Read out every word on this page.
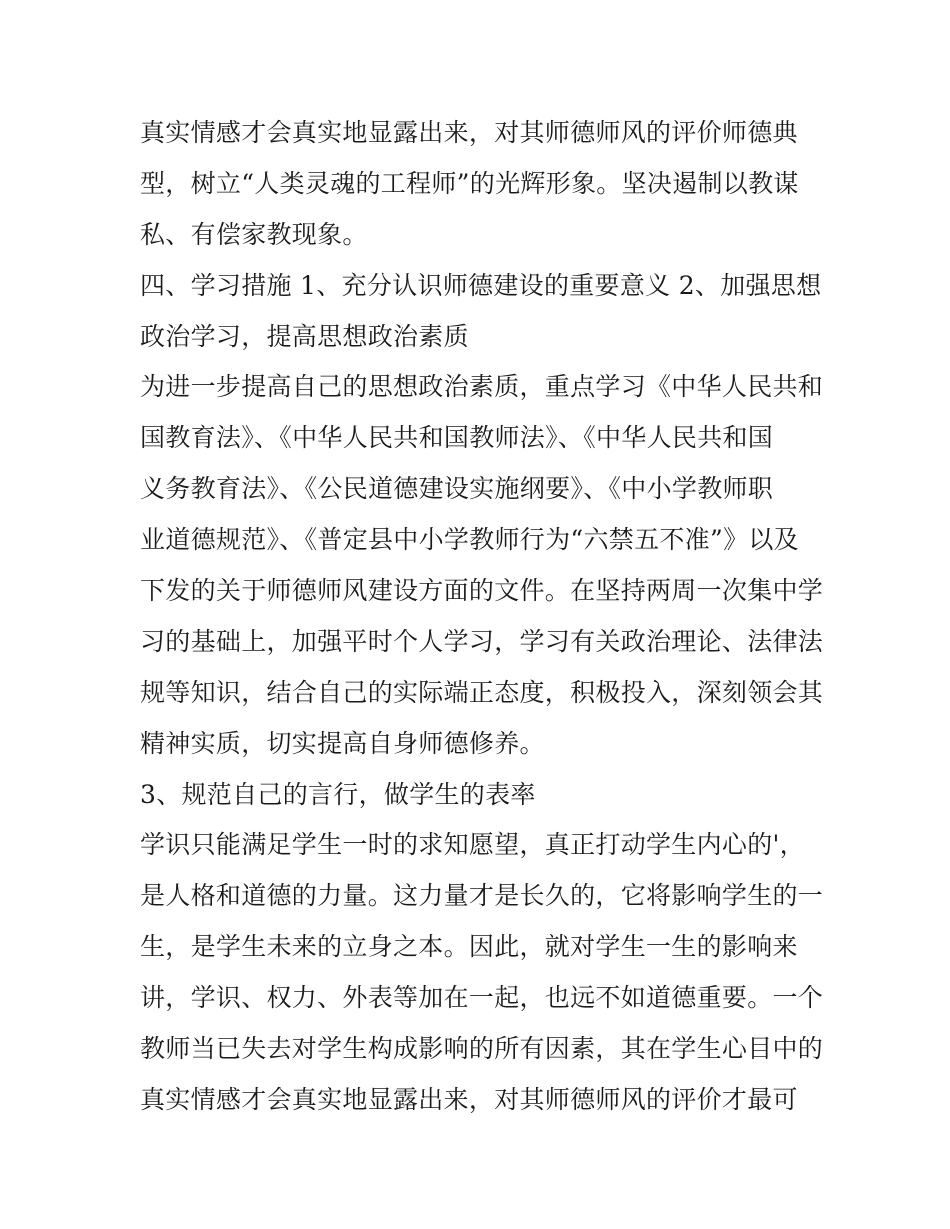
真实情感才会真实地显露出来，对其师德师风的评价师德典
型，树立“人类灵魂的工程师”的光辉形象。坚决遏制以教谋
私、有偿家教现象。
四、学习措施 1、充分认识师德建设的重要意义 2、加强思想
政治学习，提高思想政治素质
为进一步提高自己的思想政治素质，重点学习《中华人民共和
国教育法》、《中华人民共和国教师法》、《中华人民共和国
义务教育法》、《公民道德建设实施纲要》、《中小学教师职
业道德规范》、《普定县中小学教师行为“六禁五不准”》以及
下发的关于师德师风建设方面的文件。在坚持两周一次集中学
习的基础上，加强平时个人学习，学习有关政治理论、法律法
规等知识，结合自己的实际端正态度，积极投入，深刻领会其
精神实质，切实提高自身师德修养。
3、规范自己的言行，做学生的表率
学识只能满足学生一时的求知愿望，真正打动学生内心的'，
是人格和道德的力量。这力量才是长久的，它将影响学生的一
生，是学生未来的立身之本。因此，就对学生一生的影响来
讲，学识、权力、外表等加在一起，也远不如道德重要。一个
教师当已失去对学生构成影响的所有因素，其在学生心目中的
真实情感才会真实地显露出来，对其师德师风的评价才最可
